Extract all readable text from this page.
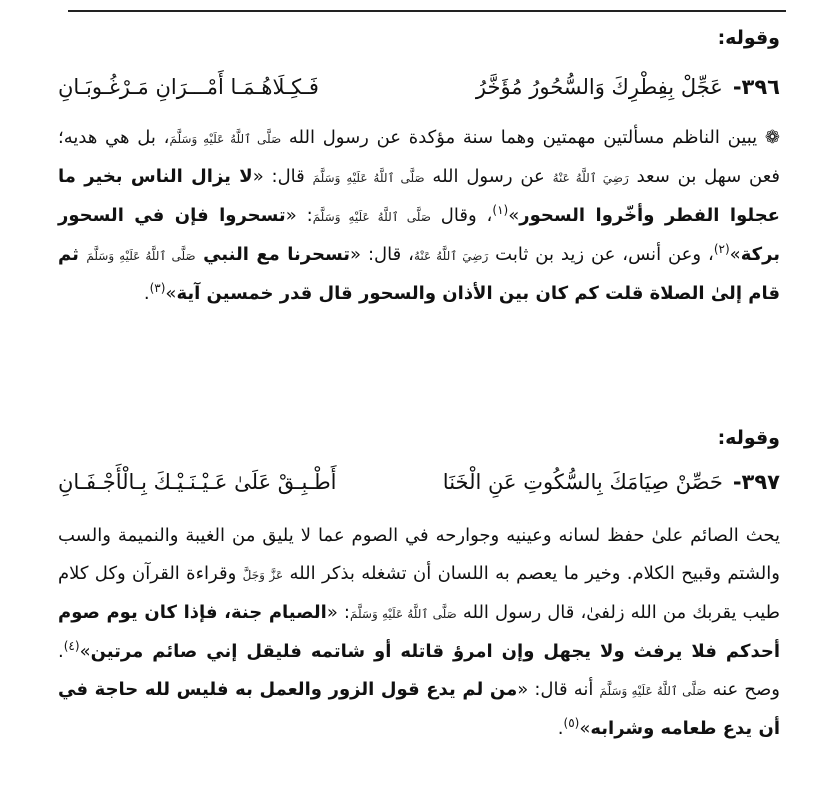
وقوله:
٣٩٦-
عَجِّلْ بِفِطْرِكَ وَالسُّحُورُ مُؤَخَّرُ
فَـكِـلَاهُـمَـا أَمْـــرَانِ مَـرْغُـوبَـانِ
❁ يبين الناظم مسألتين مهمتين وهما سنة مؤكدة عن رسول الله صَلَّى ٱللَّهُ عَلَيْهِ وَسَلَّمَ، بل هي هديه؛ فعن سهل بن سعد رَضِيَ ٱللَّهُ عَنْهُ عن رسول الله صَلَّى ٱللَّهُ عَلَيْهِ وَسَلَّمَ قال: «لا يزال الناس بخير ما عجلوا الفطر وأخّروا السحور»$^{(١)}$، وقال صَلَّى ٱللَّهُ عَلَيْهِ وَسَلَّمَ: «تسحروا فإن في السحور بركة»$^{(٢)}$، وعن أنس، عن زيد بن ثابت رَضِيَ ٱللَّهُ عَنْهُ، قال: «تسحرنا مع النبي صَلَّى ٱللَّهُ عَلَيْهِ وَسَلَّمَ ثم قام إلىٰ الصلاة قلت كم كان بين الأذان والسحور قال قدر خمسين آية»$^{(٣)}$.
وقوله:
٣٩٧-
حَصِّنْ صِيَامَكَ بِالسُّكُوتِ عَنِ الْخَنَا
أَطْـبِـقْ عَلَىٰ عَـيْـنَـيْـكَ بِـالْأَجْـفَـانِ
يحث الصائم علىٰ حفظ لسانه وعينيه وجوارحه في الصوم عما لا يليق من الغيبة والنميمة والسب والشتم وقبيح الكلام. وخير ما يعصم به اللسان أن تشغله بذكر الله عَزَّ وَجَلَّ وقراءة القرآن وكل كلام طيب يقربك من الله زلفىٰ، قال رسول الله صَلَّى ٱللَّهُ عَلَيْهِ وَسَلَّمَ: «الصيام جنة، فإذا كان يوم صوم أحدكم فلا يرفث ولا يجهل وإن امرؤ قاتله أو شاتمه فليقل إني صائم مرتين»$^{(٤)}$. وصح عنه صَلَّى ٱللَّهُ عَلَيْهِ وَسَلَّمَ أنه قال: «من لم يدع قول الزور والعمل به فليس لله حاجة في أن يدع طعامه وشرابه»$^{(٥)}$.
